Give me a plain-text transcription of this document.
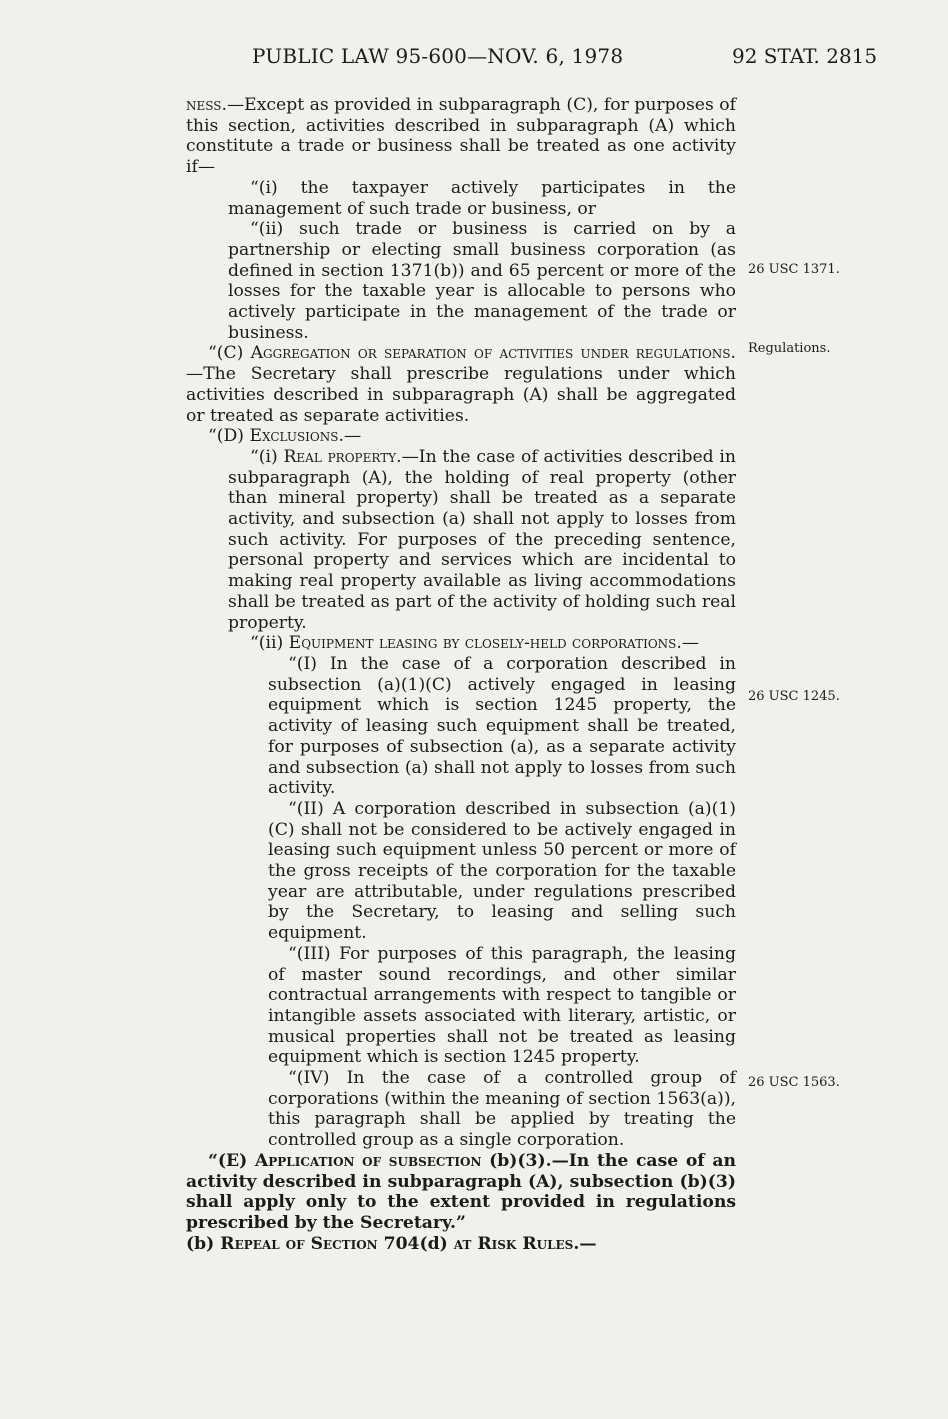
PUBLIC LAW 95-600—NOV. 6, 1978	92 STAT. 2815

ness.—Except as provided in subparagraph (C), for purposes of this section, activities described in subparagraph (A) which constitute a trade or business shall be treated as one activity if—

“(i) the taxpayer actively participates in the management of such trade or business, or

“(ii) such trade or business is carried on by a partnership or electing small business corporation (as defined in section 1371(b)) and 65 percent or more of the losses for the taxable year is allocable to persons who actively participate in the management of the trade or business.

“(C) Aggregation or separation of activities under regulations.—The Secretary shall prescribe regulations under which activities described in subparagraph (A) shall be aggregated or treated as separate activities.

“(D) Exclusions.—

“(i) Real property.—In the case of activities described in subparagraph (A), the holding of real property (other than mineral property) shall be treated as a separate activity, and subsection (a) shall not apply to losses from such activity. For purposes of the preceding sentence, personal property and services which are incidental to making real property available as living accommodations shall be treated as part of the activity of holding such real property.

“(ii) Equipment leasing by closely-held corporations.—

“(I) In the case of a corporation described in subsection (a)(1)(C) actively engaged in leasing equipment which is section 1245 property, the activity of leasing such equipment shall be treated, for purposes of subsection (a), as a separate activity and subsection (a) shall not apply to losses from such activity.

“(II) A corporation described in subsection (a)(1)(C) shall not be considered to be actively engaged in leasing such equipment unless 50 percent or more of the gross receipts of the corporation for the taxable year are attributable, under regulations prescribed by the Secretary, to leasing and selling such equipment.

“(III) For purposes of this paragraph, the leasing of master sound recordings, and other similar contractual arrangements with respect to tangible or intangible assets associated with literary, artistic, or musical properties shall not be treated as leasing equipment which is section 1245 property.

“(IV) In the case of a controlled group of corporations (within the meaning of section 1563(a)), this paragraph shall be applied by treating the controlled group as a single corporation.

“(E) Application of subsection (b)(3).—In the case of an activity described in subparagraph (A), subsection (b)(3) shall apply only to the extent provided in regulations prescribed by the Secretary.”

(b) Repeal of Section 704(d) at Risk Rules.—

26 USC 1371.
Regulations.
26 USC 1245.
26 USC 1563.
